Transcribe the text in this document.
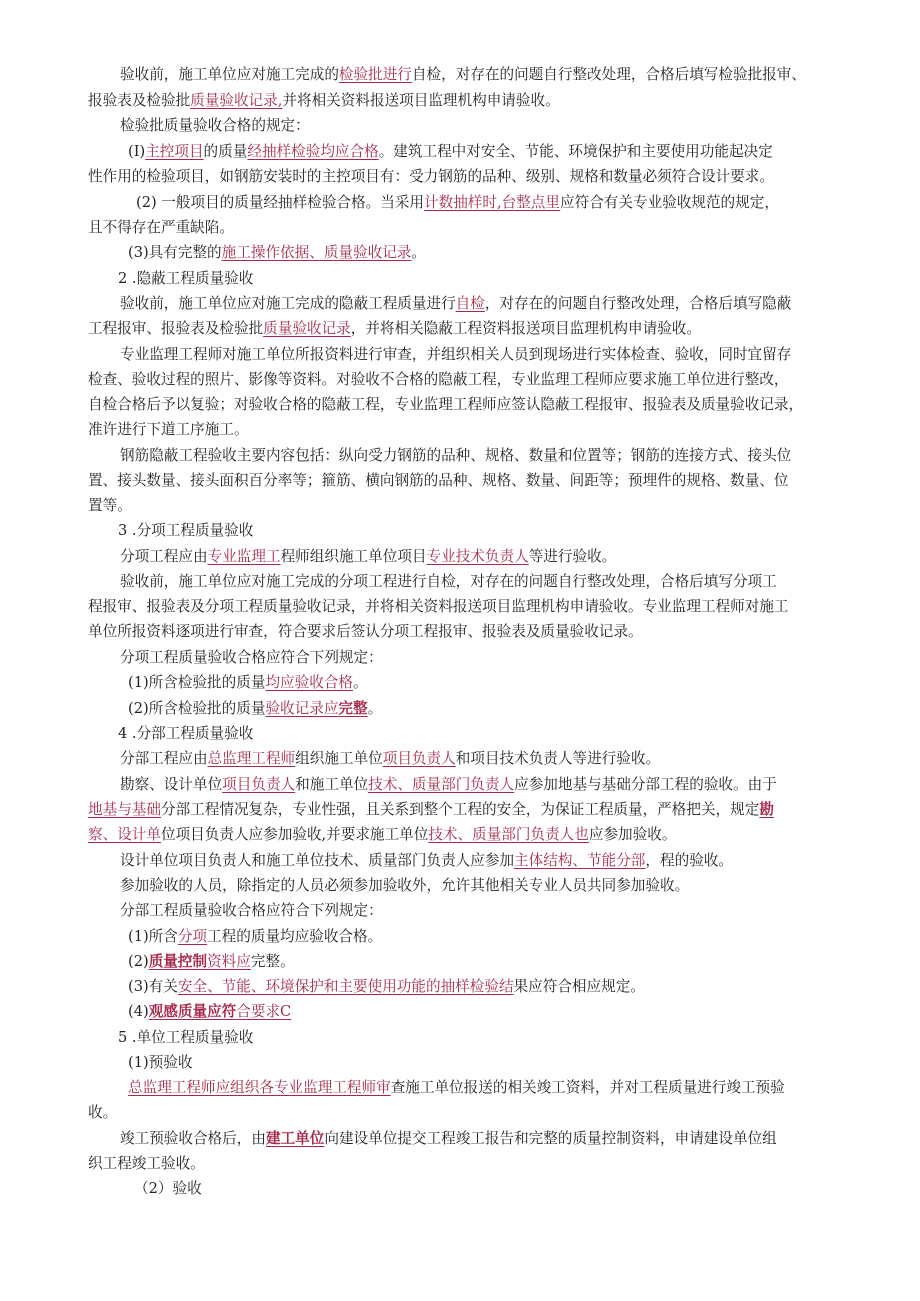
验收前，施工单位应对施工完成的检验批进行自检，对存在的问题自行整改处理，合格后填写检验批报审、
报验表及检验批质量验收记录,并将相关资料报送项目监理机构申请验收。
检验批质量验收合格的规定：
(I)主控项目的质量经抽样检验均应合格。建筑工程中对安全、节能、环境保护和主要使用功能起决定
性作用的检验项目，如钢筋安装时的主控项目有：受力钢筋的品种、级别、规格和数量必须符合设计要求。
(2) 一般项目的质量经抽样检验合格。当采用计数抽样时,台整点里应符合有关专业验收规范的规定，
且不得存在严重缺陷。
(3)具有完整的施工操作依据、质量验收记录。
2 .隐蔽工程质量验收
验收前，施工单位应对施工完成的隐蔽工程质量进行自检，对存在的问题自行整改处理，合格后填写隐蔽
工程报审、报验表及检验批质量验收记录，并将相关隐蔽工程资料报送项目监理机构申请验收。
专业监理工程师对施工单位所报资料进行审查，并组织相关人员到现场进行实体检查、验收，同时宜留存
检查、验收过程的照片、影像等资料。对验收不合格的隐蔽工程，专业监理工程师应要求施工单位进行整改，
自检合格后予以复验；对验收合格的隐蔽工程，专业监理工程师应签认隐蔽工程报审、报验表及质量验收记录，
准许进行下道工序施工。
钢筋隐蔽工程验收主要内容包括：纵向受力钢筋的品种、规格、数量和位置等；钢筋的连接方式、接头位
置、接头数量、接头面积百分率等；箍筋、横向钢筋的品种、规格、数量、间距等；预埋件的规格、数量、位
置等。
3 .分项工程质量验收
分项工程应由专业监理工程师组织施工单位项目专业技术负责人等进行验收。
验收前，施工单位应对施工完成的分项工程进行自检，对存在的问题自行整改处理，合格后填写分项工
程报审、报验表及分项工程质量验收记录，并将相关资料报送项目监理机构申请验收。专业监理工程师对施工
单位所报资料逐项进行审查，符合要求后签认分项工程报审、报验表及质量验收记录。
分项工程质量验收合格应符合下列规定：
(1)所含检验批的质量均应验收合格。
(2)所含检验批的质量验收记录应完整。
4 .分部工程质量验收
分部工程应由总监理工程师组织施工单位项目负责人和项目技术负责人等进行验收。
勘察、设计单位项目负责人和施工单位技术、质量部门负责人应参加地基与基础分部工程的验收。由于
地基与基础分部工程情况复杂，专业性强，且关系到整个工程的安全，为保证工程质量，严格把关，规定勘
察、设计单位项目负责人应参加验收,并要求施工单位技术、质量部门负责人也应参加验收。
设计单位项目负责人和施工单位技术、质量部门负责人应参加主体结构、节能分部，程的验收。
参加验收的人员，除指定的人员必须参加验收外，允许其他相关专业人员共同参加验收。
分部工程质量验收合格应符合下列规定：
(1)所含分项工程的质量均应验收合格。
(2)质量控制资料应完整。
(3)有关安全、节能、环境保护和主要使用功能的抽样检验结果应符合相应规定。
(4)观感质量应符合要求C
5 .单位工程质量验收
(1)预验收
总监理工程师应组织各专业监理工程师审查施工单位报送的相关竣工资料，并对工程质量进行竣工预验
收。
竣工预验收合格后，由建工单位向建设单位提交工程竣工报告和完整的质量控制资料，申请建设单位组
织工程竣工验收。
（2）验收
